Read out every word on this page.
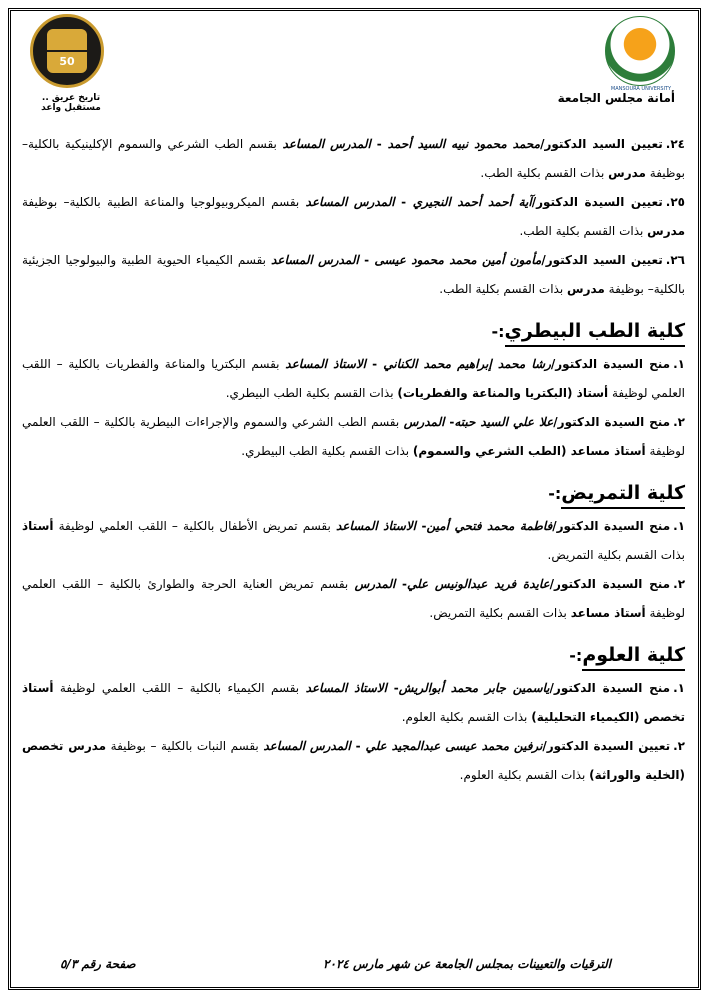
50
تاريخ عريق .. مستقبل واعد
MANSOURA UNIVERSITY
أمانة مجلس الجامعة

٢٤.تعيين السيد الدكتور/محمد محمود نبيه السيد أحمد - المدرس المساعد بقسم الطب الشرعي والسموم الإكلينيكية بالكلية– بوظيفة مدرس بذات القسم بكلية الطب.

٢٥.تعيين السيدة الدكتور/آية أحمد أحمد النجيري - المدرس المساعد بقسم الميكروبيولوجيا والمناعة الطبية بالكلية– بوظيفة مدرس بذات القسم بكلية الطب.

٢٦.تعيين السيد الدكتور/مأمون أمين محمد محمود عيسى - المدرس المساعد بقسم الكيمياء الحيوية الطبية والبيولوجيا الجزيئية بالكلية– بوظيفة مدرس بذات القسم بكلية الطب.

كلية الطب البيطري:-

١.منح السيدة الدكتور/رشا محمد إبراهيم محمد الكناني - الاستاذ المساعد بقسم البكتريا والمناعة والفطريات بالكلية – اللقب العلمي لوظيفة أستاذ (البكتريا والمناعة والفطريات) بذات القسم بكلية الطب البيطري.

٢.منح السيدة الدكتور/علا علي السيد حبته- المدرس بقسم الطب الشرعي والسموم والإجراءات البيطرية بالكلية – اللقب العلمي لوظيفة أستاذ مساعد (الطب الشرعي والسموم) بذات القسم بكلية الطب البيطري.

كلية التمريض:-

١.منح السيدة الدكتور/فاطمة محمد فتحي أمين- الاستاذ المساعد بقسم تمريض الأطفال بالكلية – اللقب العلمي لوظيفة أستاذ بذات القسم بكلية التمريض.

٢.منح السيدة الدكتور/عايدة فريد عبدالونيس علي- المدرس بقسم تمريض العناية الحرجة والطوارئ بالكلية – اللقب العلمي لوظيفة أستاذ مساعد بذات القسم بكلية التمريض.

كلية العلوم:-

١.منح السيدة الدكتور/ياسمين جابر محمد أبوالريش- الاستاذ المساعد بقسم الكيمياء بالكلية – اللقب العلمي لوظيفة أستاذ تخصص (الكيمياء التحليلية) بذات القسم بكلية العلوم.

٢.تعيين السيدة الدكتور/نرفين محمد عيسى عبدالمجيد علي - المدرس المساعد بقسم النبات بالكلية – بوظيفة مدرس تخصص (الخلية والوراثة) بذات القسم بكلية العلوم.

الترقيات والتعيينات بمجلس الجامعة عن شهر مارس ٢٠٢٤
صفحة رقم ٥/٣
